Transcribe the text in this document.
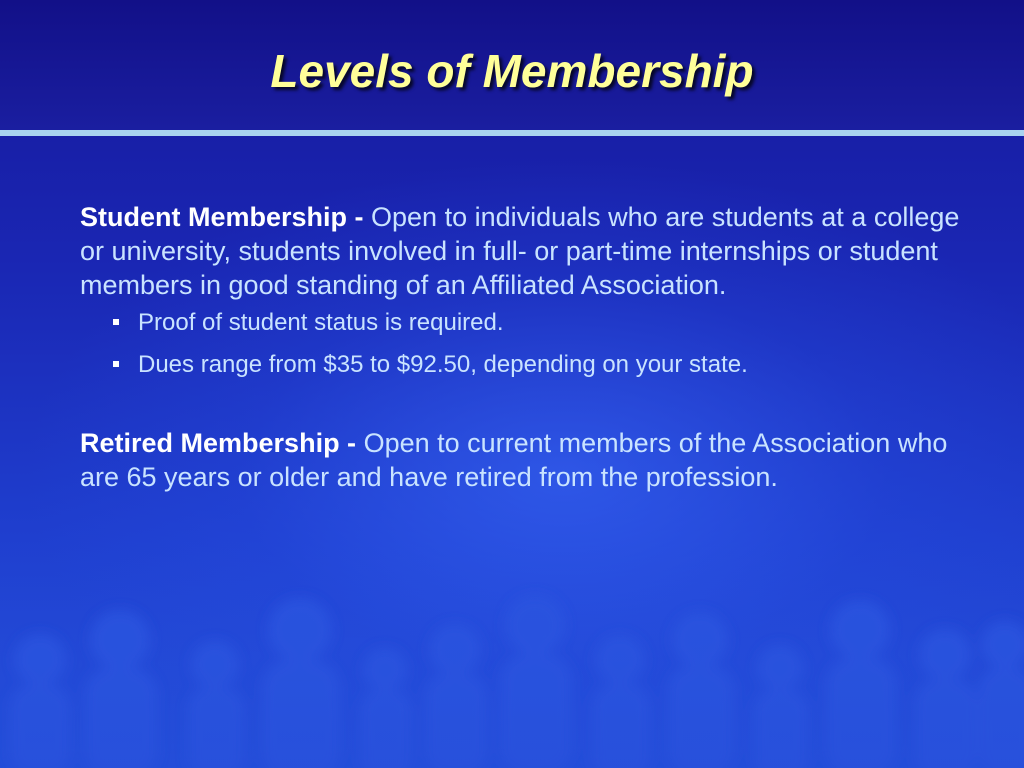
Levels of Membership

Student Membership - Open to individuals who are students at a college or university, students involved in full- or part-time internships or student members in good standing of an Affiliated Association.

Proof of student status is required.
Dues range from $35 to $92.50, depending on your state.

Retired Membership - Open to current members of the Association who are 65 years or older and have retired from the profession.
